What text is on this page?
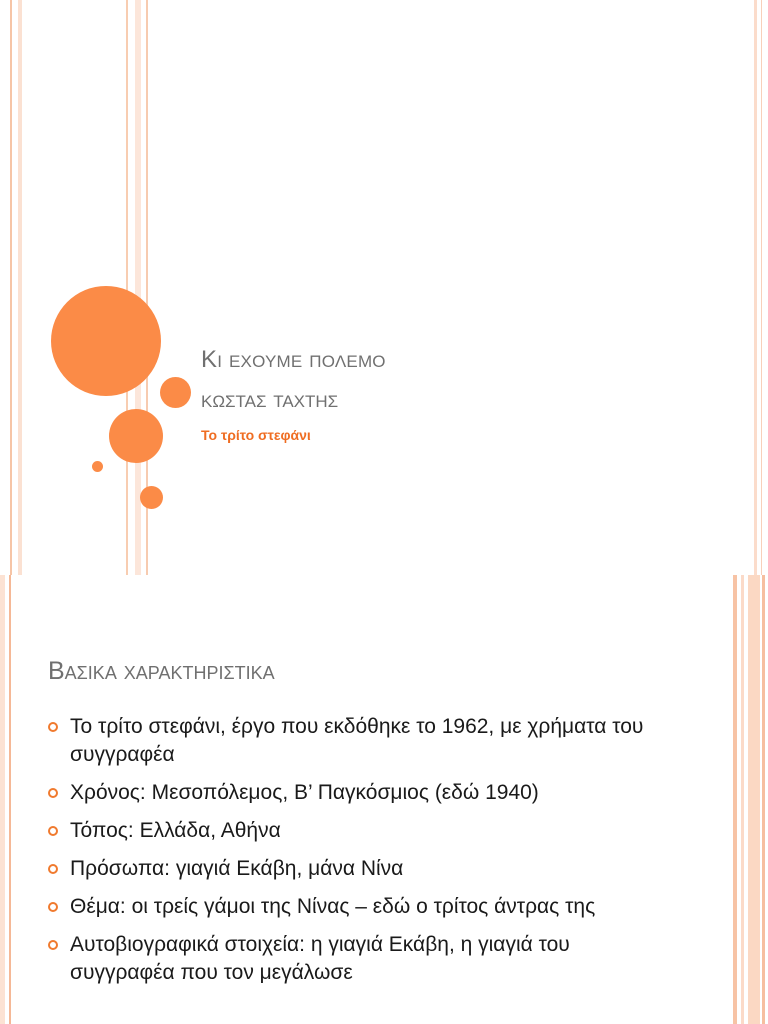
Κι εχουμε πολεμο
κωστασ ταχτησ
Το τρίτο στεφάνι
Βασικα χαρακτηριστικα
Το τρίτο στεφάνι, έργο που εκδόθηκε το 1962, με χρήματα του συγγραφέα
Χρόνος: Μεσοπόλεμος, Β’ Παγκόσμιος (εδώ 1940)
Τόπος: Ελλάδα, Αθήνα
Πρόσωπα: γιαγιά Εκάβη, μάνα Νίνα
Θέμα: οι τρείς γάμοι της Νίνας – εδώ ο τρίτος άντρας της
Αυτοβιογραφικά στοιχεία: η γιαγιά Εκάβη, η γιαγιά του συγγραφέα που τον μεγάλωσε
